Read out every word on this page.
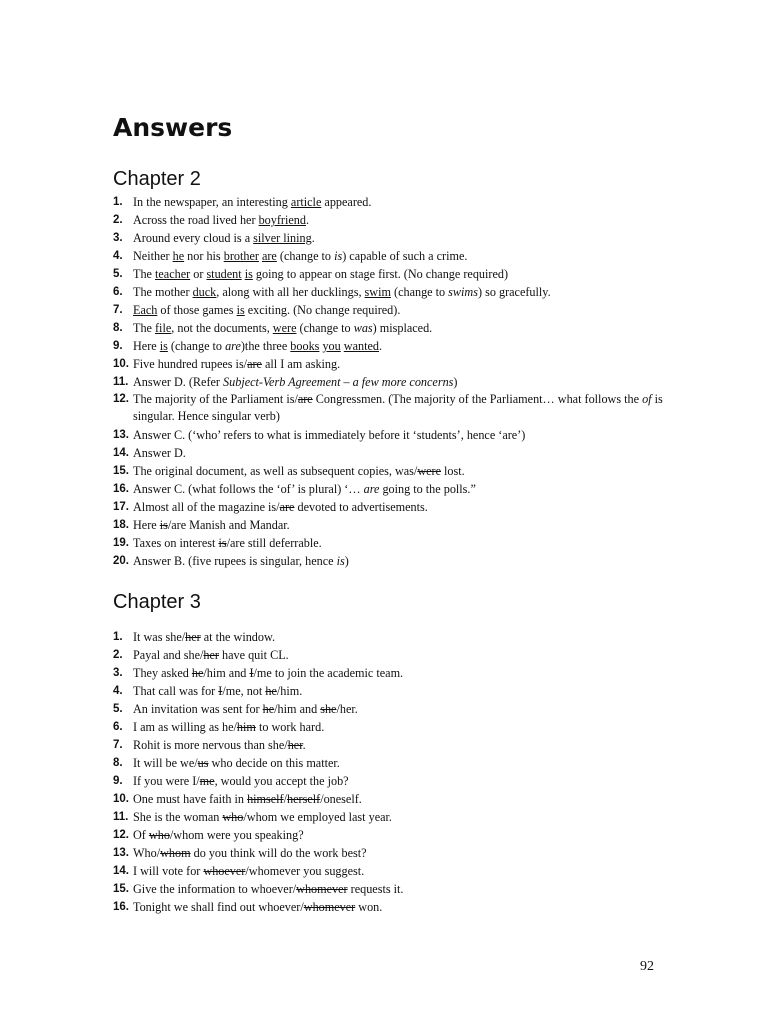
Answers
Chapter 2
1. In the newspaper, an interesting article appeared.
2. Across the road lived her boyfriend.
3. Around every cloud is a silver lining.
4. Neither he nor his brother are (change to is) capable of such a crime.
5. The teacher or student is going to appear on stage first. (No change required)
6. The mother duck, along with all her ducklings, swim (change to swims) so gracefully.
7. Each of those games is exciting. (No change required).
8. The file, not the documents, were (change to was) misplaced.
9. Here is (change to are)the three books you wanted.
10. Five hundred rupees is/are all I am asking.
11. Answer D. (Refer Subject-Verb Agreement – a few more concerns)
12. The majority of the Parliament is/are Congressmen. (The majority of the Parliament… what follows the of is singular. Hence singular verb)
13. Answer C. (‘who’ refers to what is immediately before it ‘students’, hence ‘are’)
14. Answer D.
15. The original document, as well as subsequent copies, was/were lost.
16. Answer C. (what follows the ‘of’ is plural) ‘… are going to the polls.”
17. Almost all of the magazine is/are devoted to advertisements.
18. Here is/are Manish and Mandar.
19. Taxes on interest is/are still deferrable.
20. Answer B. (five rupees is singular, hence is)
Chapter 3
1. It was she/her at the window.
2. Payal and she/her have quit CL.
3. They asked he/him and I/me to join the academic team.
4. That call was for I/me, not he/him.
5. An invitation was sent for he/him and she/her.
6. I am as willing as he/him to work hard.
7. Rohit is more nervous than she/her.
8. It will be we/us who decide on this matter.
9. If you were I/me, would you accept the job?
10. One must have faith in himself/herself/oneself.
11. She is the woman who/whom we employed last year.
12. Of who/whom were you speaking?
13. Who/whom do you think will do the work best?
14. I will vote for whoever/whomever you suggest.
15. Give the information to whoever/whomever requests it.
16. Tonight we shall find out whoever/whomever won.
92
